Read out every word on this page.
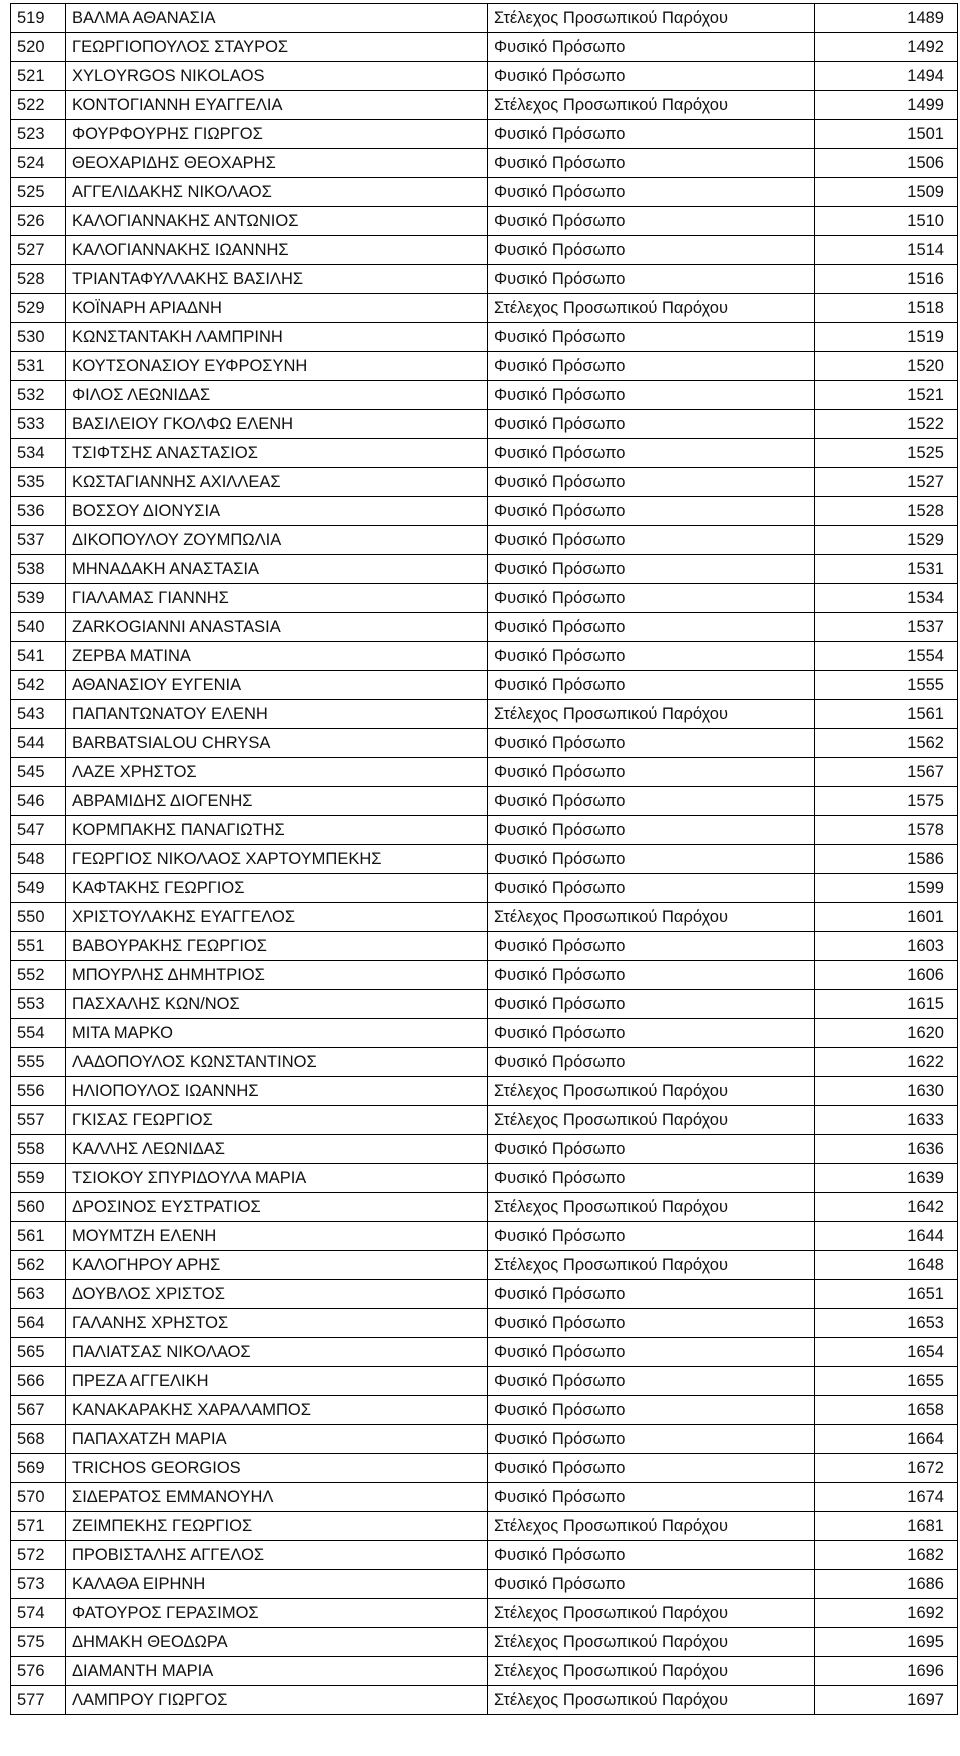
519	ΒΑΛΜΑ ΑΘΑΝΑΣΙΑ	Στέλεχος Προσωπικού Παρόχου	1489
520	ΓΕΩΡΓΙΟΠΟΥΛΟΣ ΣΤΑΥΡΟΣ	Φυσικό Πρόσωπο	1492
521	XYLOYRGOS NIKOLAOS	Φυσικό Πρόσωπο	1494
522	ΚΟΝΤΟΓΙΑΝΝΗ ΕΥΑΓΓΕΛΙΑ	Στέλεχος Προσωπικού Παρόχου	1499
523	ΦΟΥΡΦΟΥΡΗΣ ΓΙΩΡΓΟΣ	Φυσικό Πρόσωπο	1501
524	ΘΕΟΧΑΡΙΔΗΣ ΘΕΟΧΑΡΗΣ	Φυσικό Πρόσωπο	1506
525	ΑΓΓΕΛΙΔΑΚΗΣ ΝΙΚΟΛΑΟΣ	Φυσικό Πρόσωπο	1509
526	ΚΑΛΟΓΙΑΝΝΑΚΗΣ ΑΝΤΩΝΙΟΣ	Φυσικό Πρόσωπο	1510
527	ΚΑΛΟΓΙΑΝΝΑΚΗΣ ΙΩΑΝΝΗΣ	Φυσικό Πρόσωπο	1514
528	ΤΡΙΑΝΤΑΦΥΛΛΑΚΗΣ ΒΑΣΙΛΗΣ	Φυσικό Πρόσωπο	1516
529	ΚΟΪΝΑΡΗ ΑΡΙΑΔΝΗ	Στέλεχος Προσωπικού Παρόχου	1518
530	ΚΩΝΣΤΑΝΤΑΚΗ ΛΑΜΠΡΙΝΗ	Φυσικό Πρόσωπο	1519
531	ΚΟΥΤΣΟΝΑΣΙΟΥ ΕΥΦΡΟΣΥΝΗ	Φυσικό Πρόσωπο	1520
532	ΦΙΛΟΣ ΛΕΩΝΙΔΑΣ	Φυσικό Πρόσωπο	1521
533	ΒΑΣΙΛΕΙΟΥ ΓΚΟΛΦΩ ΕΛΕΝΗ	Φυσικό Πρόσωπο	1522
534	ΤΣΙΦΤΣΗΣ ΑΝΑΣΤΑΣΙΟΣ	Φυσικό Πρόσωπο	1525
535	ΚΩΣΤΑΓΙΑΝΝΗΣ ΑΧΙΛΛΕΑΣ	Φυσικό Πρόσωπο	1527
536	ΒΟΣΣΟΥ ΔΙΟΝΥΣΙΑ	Φυσικό Πρόσωπο	1528
537	ΔΙΚΟΠΟΥΛΟΥ ΖΟΥΜΠΩΛΙΑ	Φυσικό Πρόσωπο	1529
538	ΜΗΝΑΔΑΚΗ ΑΝΑΣΤΑΣΙΑ	Φυσικό Πρόσωπο	1531
539	ΓΙΑΛΑΜΑΣ ΓΙΑΝΝΗΣ	Φυσικό Πρόσωπο	1534
540	ZARKOGIANNI ANASTASIA	Φυσικό Πρόσωπο	1537
541	ΖΕΡΒΑ ΜΑΤΙΝΑ	Φυσικό Πρόσωπο	1554
542	ΑΘΑΝΑΣΙΟΥ ΕΥΓΕΝΙΑ	Φυσικό Πρόσωπο	1555
543	ΠΑΠΑΝΤΩΝΑΤΟΥ ΕΛΕΝΗ	Στέλεχος Προσωπικού Παρόχου	1561
544	BARBATSIALOU CHRYSA	Φυσικό Πρόσωπο	1562
545	ΛΑΖΕ ΧΡΗΣΤΟΣ	Φυσικό Πρόσωπο	1567
546	ΑΒΡΑΜΙΔΗΣ ΔΙΟΓΕΝΗΣ	Φυσικό Πρόσωπο	1575
547	ΚΟΡΜΠΑΚΗΣ ΠΑΝΑΓΙΩΤΗΣ	Φυσικό Πρόσωπο	1578
548	ΓΕΩΡΓΙΟΣ ΝΙΚΟΛΑΟΣ ΧΑΡΤΟΥΜΠΕΚΗΣ	Φυσικό Πρόσωπο	1586
549	ΚΑΦΤΑΚΗΣ ΓΕΩΡΓΙΟΣ	Φυσικό Πρόσωπο	1599
550	ΧΡΙΣΤΟΥΛΑΚΗΣ ΕΥΑΓΓΕΛΟΣ	Στέλεχος Προσωπικού Παρόχου	1601
551	ΒΑΒΟΥΡΑΚΗΣ ΓΕΩΡΓΙΟΣ	Φυσικό Πρόσωπο	1603
552	ΜΠΟΥΡΛΗΣ ΔΗΜΗΤΡΙΟΣ	Φυσικό Πρόσωπο	1606
553	ΠΑΣΧΑΛΗΣ ΚΩΝ/ΝΟΣ	Φυσικό Πρόσωπο	1615
554	ΜΙΤΑ ΜΑΡΚΟ	Φυσικό Πρόσωπο	1620
555	ΛΑΔΟΠΟΥΛΟΣ ΚΩΝΣΤΑΝΤΙΝΟΣ	Φυσικό Πρόσωπο	1622
556	ΗΛΙΟΠΟΥΛΟΣ ΙΩΑΝΝΗΣ	Στέλεχος Προσωπικού Παρόχου	1630
557	ΓΚΙΣΑΣ ΓΕΩΡΓΙΟΣ	Στέλεχος Προσωπικού Παρόχου	1633
558	ΚΑΛΛΗΣ ΛΕΩΝΙΔΑΣ	Φυσικό Πρόσωπο	1636
559	ΤΣΙΟΚΟΥ ΣΠΥΡΙΔΟΥΛΑ ΜΑΡΙΑ	Φυσικό Πρόσωπο	1639
560	ΔΡΟΣΙΝΟΣ ΕΥΣΤΡΑΤΙΟΣ	Στέλεχος Προσωπικού Παρόχου	1642
561	ΜΟΥΜΤΖΗ ΕΛΕΝΗ	Φυσικό Πρόσωπο	1644
562	ΚΑΛΟΓΗΡΟΥ ΑΡΗΣ	Στέλεχος Προσωπικού Παρόχου	1648
563	ΔΟΥΒΛΟΣ ΧΡΙΣΤΟΣ	Φυσικό Πρόσωπο	1651
564	ΓΑΛΑΝΗΣ ΧΡΗΣΤΟΣ	Φυσικό Πρόσωπο	1653
565	ΠΑΛΙΑΤΣΑΣ ΝΙΚΟΛΑΟΣ	Φυσικό Πρόσωπο	1654
566	ΠΡΕΖΑ ΑΓΓΕΛΙΚΗ	Φυσικό Πρόσωπο	1655
567	ΚΑΝΑΚΑΡΑΚΗΣ ΧΑΡΑΛΑΜΠΟΣ	Φυσικό Πρόσωπο	1658
568	ΠΑΠΑΧΑΤΖΗ ΜΑΡΙΑ	Φυσικό Πρόσωπο	1664
569	TRICHOS GEORGIOS	Φυσικό Πρόσωπο	1672
570	ΣΙΔΕΡΑΤΟΣ ΕΜΜΑΝΟΥΗΛ	Φυσικό Πρόσωπο	1674
571	ΖΕΙΜΠΕΚΗΣ ΓΕΩΡΓΙΟΣ	Στέλεχος Προσωπικού Παρόχου	1681
572	ΠΡΟΒΙΣΤΑΛΗΣ ΑΓΓΕΛΟΣ	Φυσικό Πρόσωπο	1682
573	ΚΑΛΑΘΑ ΕΙΡΗΝΗ	Φυσικό Πρόσωπο	1686
574	ΦΑΤΟΥΡΟΣ ΓΕΡΑΣΙΜΟΣ	Στέλεχος Προσωπικού Παρόχου	1692
575	ΔΗΜΑΚΗ ΘΕΟΔΩΡΑ	Στέλεχος Προσωπικού Παρόχου	1695
576	ΔΙΑΜΑΝΤΗ ΜΑΡΙΑ	Στέλεχος Προσωπικού Παρόχου	1696
577	ΛΑΜΠΡΟΥ ΓΙΩΡΓΟΣ	Στέλεχος Προσωπικού Παρόχου	1697
